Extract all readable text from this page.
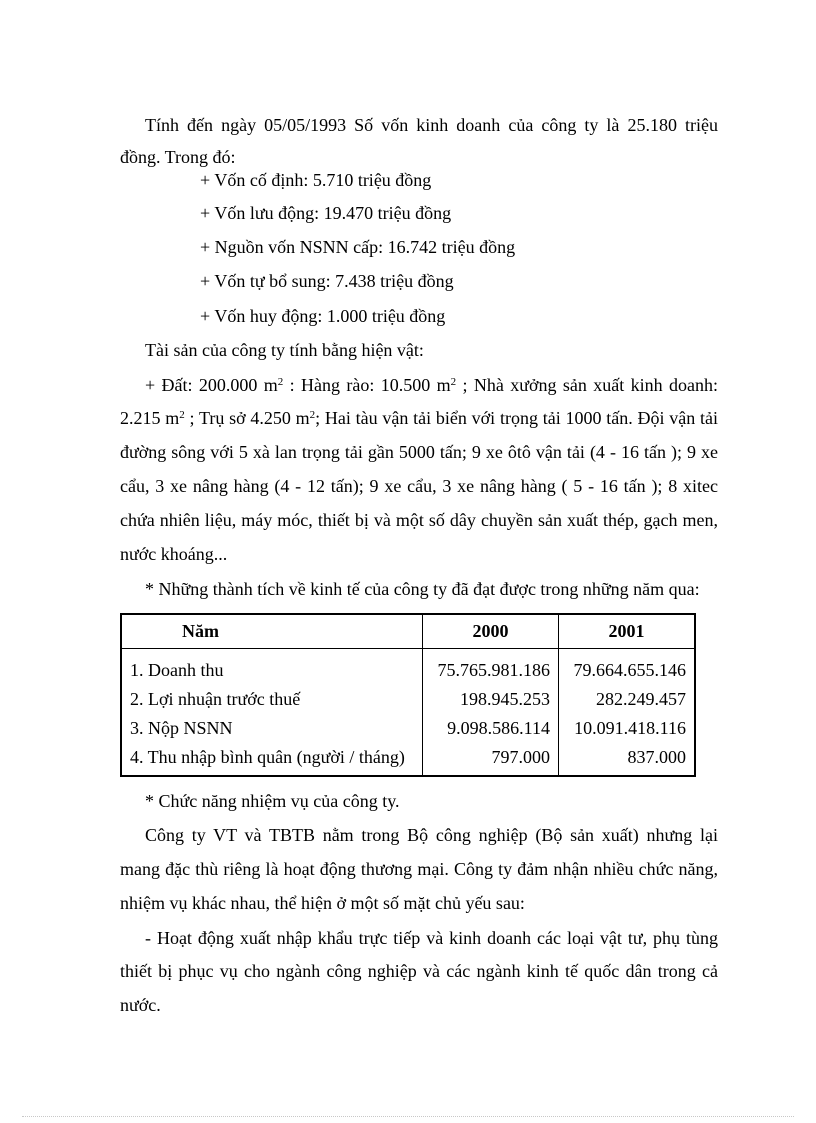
Tính đến ngày 05/05/1993 Số vốn kinh doanh của công ty là 25.180 triệu
đồng. Trong đó:
+ Vốn cố định: 5.710 triệu đồng
+ Vốn lưu động: 19.470 triệu đồng
+ Nguồn vốn NSNN cấp: 16.742 triệu đồng
+ Vốn tự bổ sung: 7.438 triệu đồng
+ Vốn huy động: 1.000 triệu đồng
Tài sản của công ty tính bằng hiện vật:
+ Đất: 200.000 $m^2$ : Hàng rào: 10.500 $m^2$ ; Nhà xưởng sản xuất kinh doanh:
2.215 $m^2$ ; Trụ sở 4.250 $m^2$; Hai tàu vận tải biển với trọng tải 1000 tấn. Đội vận tải
đường sông với 5 xà lan trọng tải gần 5000 tấn; 9 xe ôtô vận tải (4 - 16 tấn ); 9 xe
cẩu, 3 xe nâng hàng (4 - 12 tấn); 9 xe cẩu, 3 xe nâng hàng ( 5 - 16 tấn ); 8 xitec
chứa nhiên liệu, máy móc, thiết bị và một số dây chuyền sản xuất thép, gạch men,
nước khoáng...
* Những thành tích về kinh tế của công ty đã đạt được trong những năm qua:
Năm	2000	2001
1. Doanh thu	75.765.981.186	79.664.655.146
2. Lợi nhuận trước thuế	198.945.253	282.249.457
3. Nộp NSNN	9.098.586.114	10.091.418.116
4. Thu nhập bình quân (người / tháng)	797.000	837.000
* Chức năng nhiệm vụ của công ty.
Công ty VT và TBTB nằm trong Bộ công nghiệp (Bộ sản xuất) nhưng lại
mang đặc thù riêng là hoạt động thương mại. Công ty đảm nhận nhiều chức năng,
nhiệm vụ khác nhau, thể hiện ở một số mặt chủ yếu sau:
- Hoạt động xuất nhập khẩu trực tiếp và kinh doanh các loại vật tư, phụ tùng
thiết bị phục vụ cho ngành công nghiệp và các ngành kinh tế quốc dân trong cả
nước.
